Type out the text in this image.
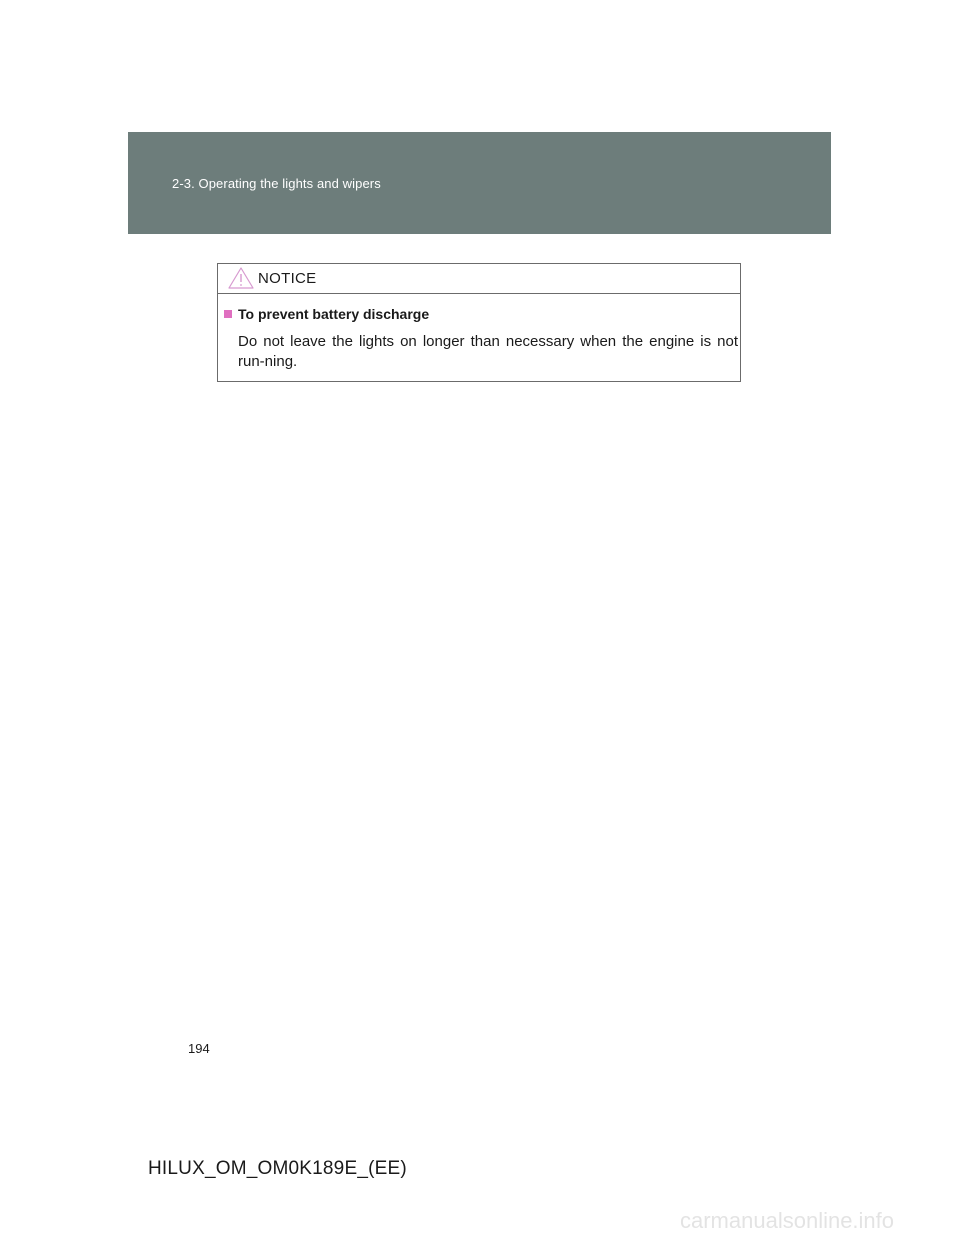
2-3. Operating the lights and wipers
NOTICE
To prevent battery discharge
Do not leave the lights on longer than necessary when the engine is not run-ning.
194
HILUX_OM_OM0K189E_(EE)
carmanualsonline.info
